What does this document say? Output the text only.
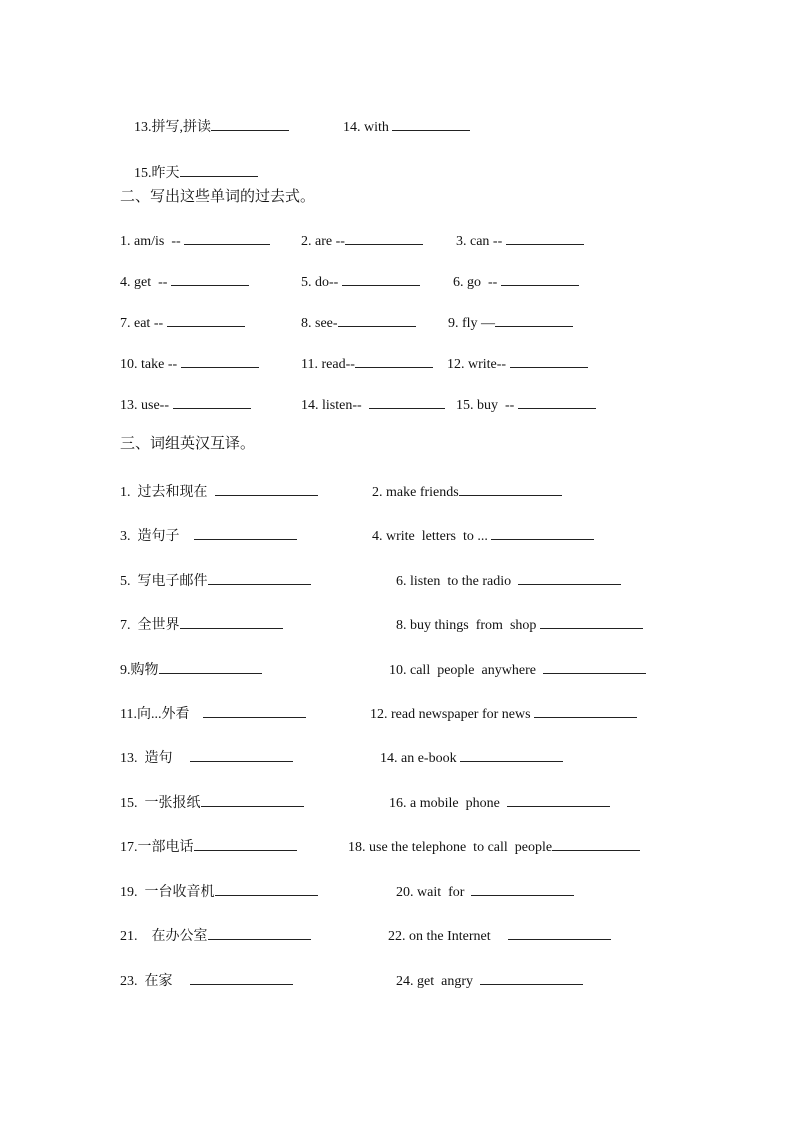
13.拼写,拼读
	14. with

15.昨天

二、写出这些单词的过去式。
1. am/is  --	2. are --	3. can --
4. get  --	5. do--	6. go  --
7. eat --	8. see-	9. fly —
10. take --	11. read--	12. write--
13. use--	14. listen--	15. buy  --
三、词组英汉互译。
1.  过去和现在	2. make friends
3.  造句子	4. write  letters  to ...
5.  写电子邮件	6. listen  to the radio
7.  全世界	8. buy things  from  shop
9.购物	10. call  people  anywhere
11.向...外看	12. read newspaper for news
13.  造句	14. an e-book
15.  一张报纸	16. a mobile  phone
17.一部电话	18. use the telephone  to call  people
19.  一台收音机	20. wait  for
21.    在办公室	22. on the Internet
23.  在家	24. get  angry
